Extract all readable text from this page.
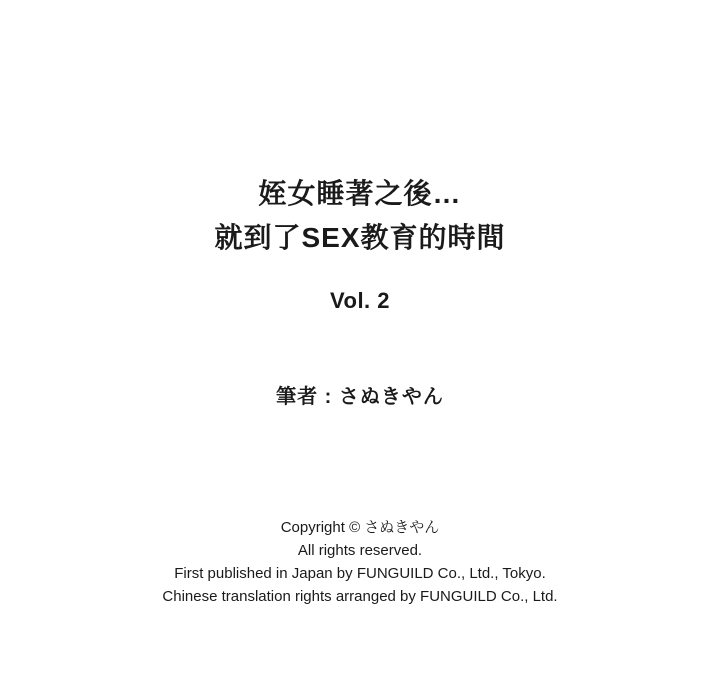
姪女睡著之後…
就到了SEX教育的時間
Vol. 2
筆者 : さぬきやん
Copyright © さぬきやん
All rights reserved.
First published in Japan by FUNGUILD Co., Ltd., Tokyo.
Chinese translation rights arranged by FUNGUILD Co., Ltd.
